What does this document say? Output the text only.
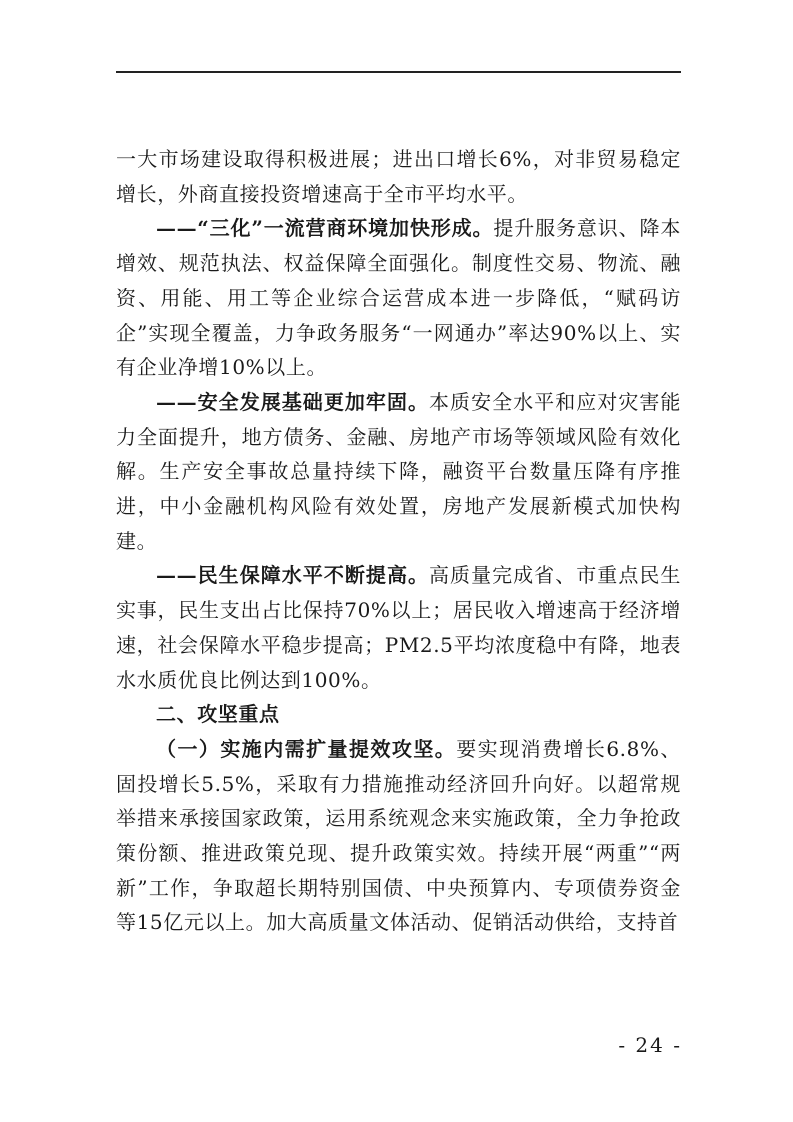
一大市场建设取得积极进展；进出口增长6%，对非贸易稳定增长，外商直接投资增速高于全市平均水平。

——“三化”一流营商环境加快形成。提升服务意识、降本增效、规范执法、权益保障全面强化。制度性交易、物流、融资、用能、用工等企业综合运营成本进一步降低，“赋码访企”实现全覆盖，力争政务服务“一网通办”率达90%以上、实有企业净增10%以上。

——安全发展基础更加牢固。本质安全水平和应对灾害能力全面提升，地方债务、金融、房地产市场等领域风险有效化解。生产安全事故总量持续下降，融资平台数量压降有序推进，中小金融机构风险有效处置，房地产发展新模式加快构建。

——民生保障水平不断提高。高质量完成省、市重点民生实事，民生支出占比保持70%以上；居民收入增速高于经济增速，社会保障水平稳步提高；PM2.5平均浓度稳中有降，地表水水质优良比例达到100%。

二、攻坚重点

（一）实施内需扩量提效攻坚。要实现消费增长6.8%、固投增长5.5%，采取有力措施推动经济回升向好。以超常规举措来承接国家政策，运用系统观念来实施政策，全力争抢政策份额、推进政策兑现、提升政策实效。持续开展“两重”“两新”工作，争取超长期特别国债、中央预算内、专项债券资金等15亿元以上。加大高质量文体活动、促销活动供给，支持首

- 24 -
